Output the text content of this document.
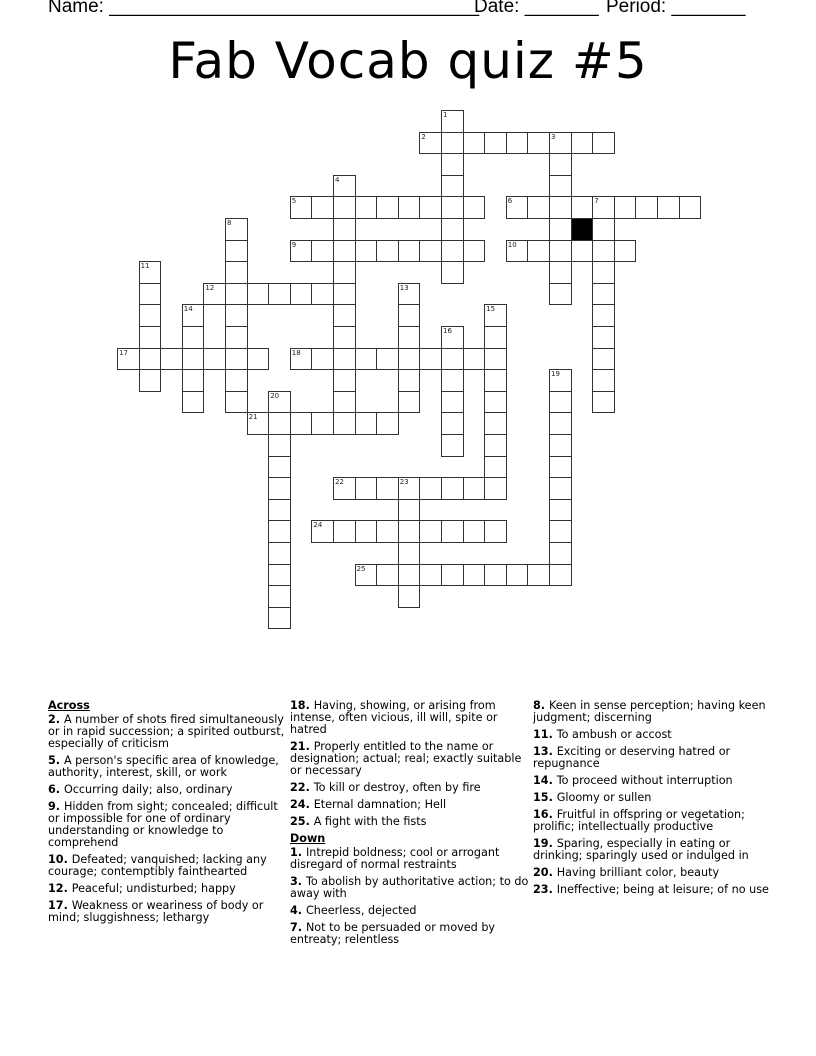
Name: ___________________________________
Date: _______ Period: _______
Fab Vocab quiz #5
2	3
5	6	7
9	10
12
17	18
21
22	23
24
25
1
4
8
11
13
14	15
16
19
20
Across
2. A number of shots fired simultaneously or in rapid succession; a spirited outburst, especially of criticism
5. A person's specific area of knowledge, authority, interest, skill, or work
6. Occurring daily; also, ordinary
9. Hidden from sight; concealed; difficult or impossible for one of ordinary understanding or knowledge to comprehend
10. Defeated; vanquished; lacking any courage; contemptibly fainthearted
12. Peaceful; undisturbed; happy
17. Weakness or weariness of body or mind; sluggishness; lethargy
18. Having, showing, or arising from intense, often vicious, ill will, spite or hatred
21. Properly entitled to the name or designation; actual; real; exactly suitable or necessary
22. To kill or destroy, often by fire
24. Eternal damnation; Hell
25. A fight with the fists
Down
1. Intrepid boldness; cool or arrogant disregard of normal restraints
3. To abolish by authoritative action; to do away with
4. Cheerless, dejected
7. Not to be persuaded or moved by entreaty; relentless
8. Keen in sense perception; having keen judgment; discerning
11. To ambush or accost
13. Exciting or deserving hatred or repugnance
14. To proceed without interruption
15. Gloomy or sullen
16. Fruitful in offspring or vegetation; prolific; intellectually productive
19. Sparing, especially in eating or drinking; sparingly used or indulged in
20. Having brilliant color, beauty
23. Ineffective; being at leisure; of no use
